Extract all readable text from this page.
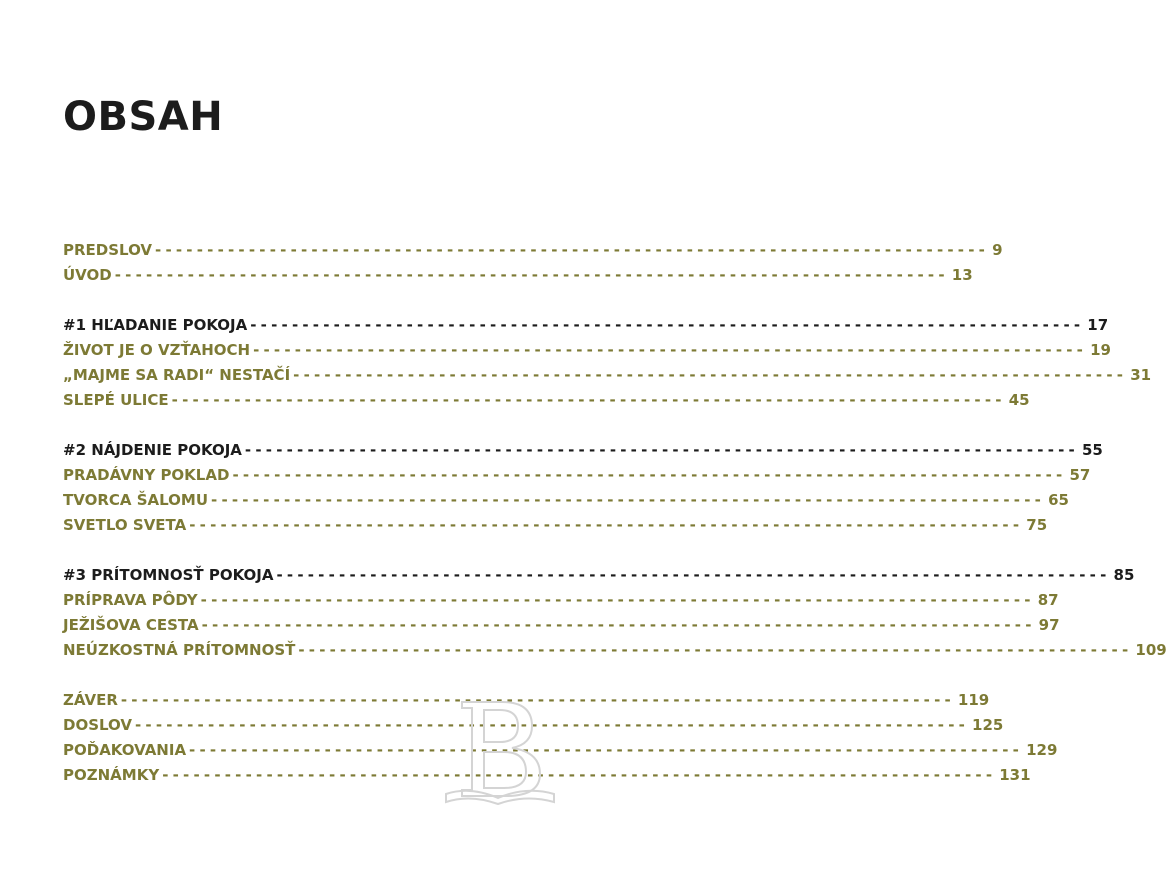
OBSAH
PREDSLOV -------------------------------------------------------------------------------- 9
ÚVOD -------------------------------------------------------------------------------- 13
#1 HĽADANIE POKOJA -------------------------------------------------------------------------------- 17
ŽIVOT JE O VZŤAHOCH -------------------------------------------------------------------------------- 19
„MAJME SA RADI“ NESTAČÍ -------------------------------------------------------------------------------- 31
SLEPÉ ULICE -------------------------------------------------------------------------------- 45
#2 NÁJDENIE POKOJA -------------------------------------------------------------------------------- 55
PRADÁVNY POKLAD -------------------------------------------------------------------------------- 57
TVORCA ŠALOMU -------------------------------------------------------------------------------- 65
SVETLO SVETA -------------------------------------------------------------------------------- 75
#3 PRÍTOMNOSŤ POKOJA -------------------------------------------------------------------------------- 85
PRÍPRAVA PÔDY -------------------------------------------------------------------------------- 87
JEŽIŠOVA CESTA -------------------------------------------------------------------------------- 97
NEÚZKOSTNÁ PRÍTOMNOSŤ -------------------------------------------------------------------------------- 109
ZÁVER -------------------------------------------------------------------------------- 119
DOSLOV -------------------------------------------------------------------------------- 125
POĎAKOVANIA -------------------------------------------------------------------------------- 129
POZNÁMKY -------------------------------------------------------------------------------- 131
